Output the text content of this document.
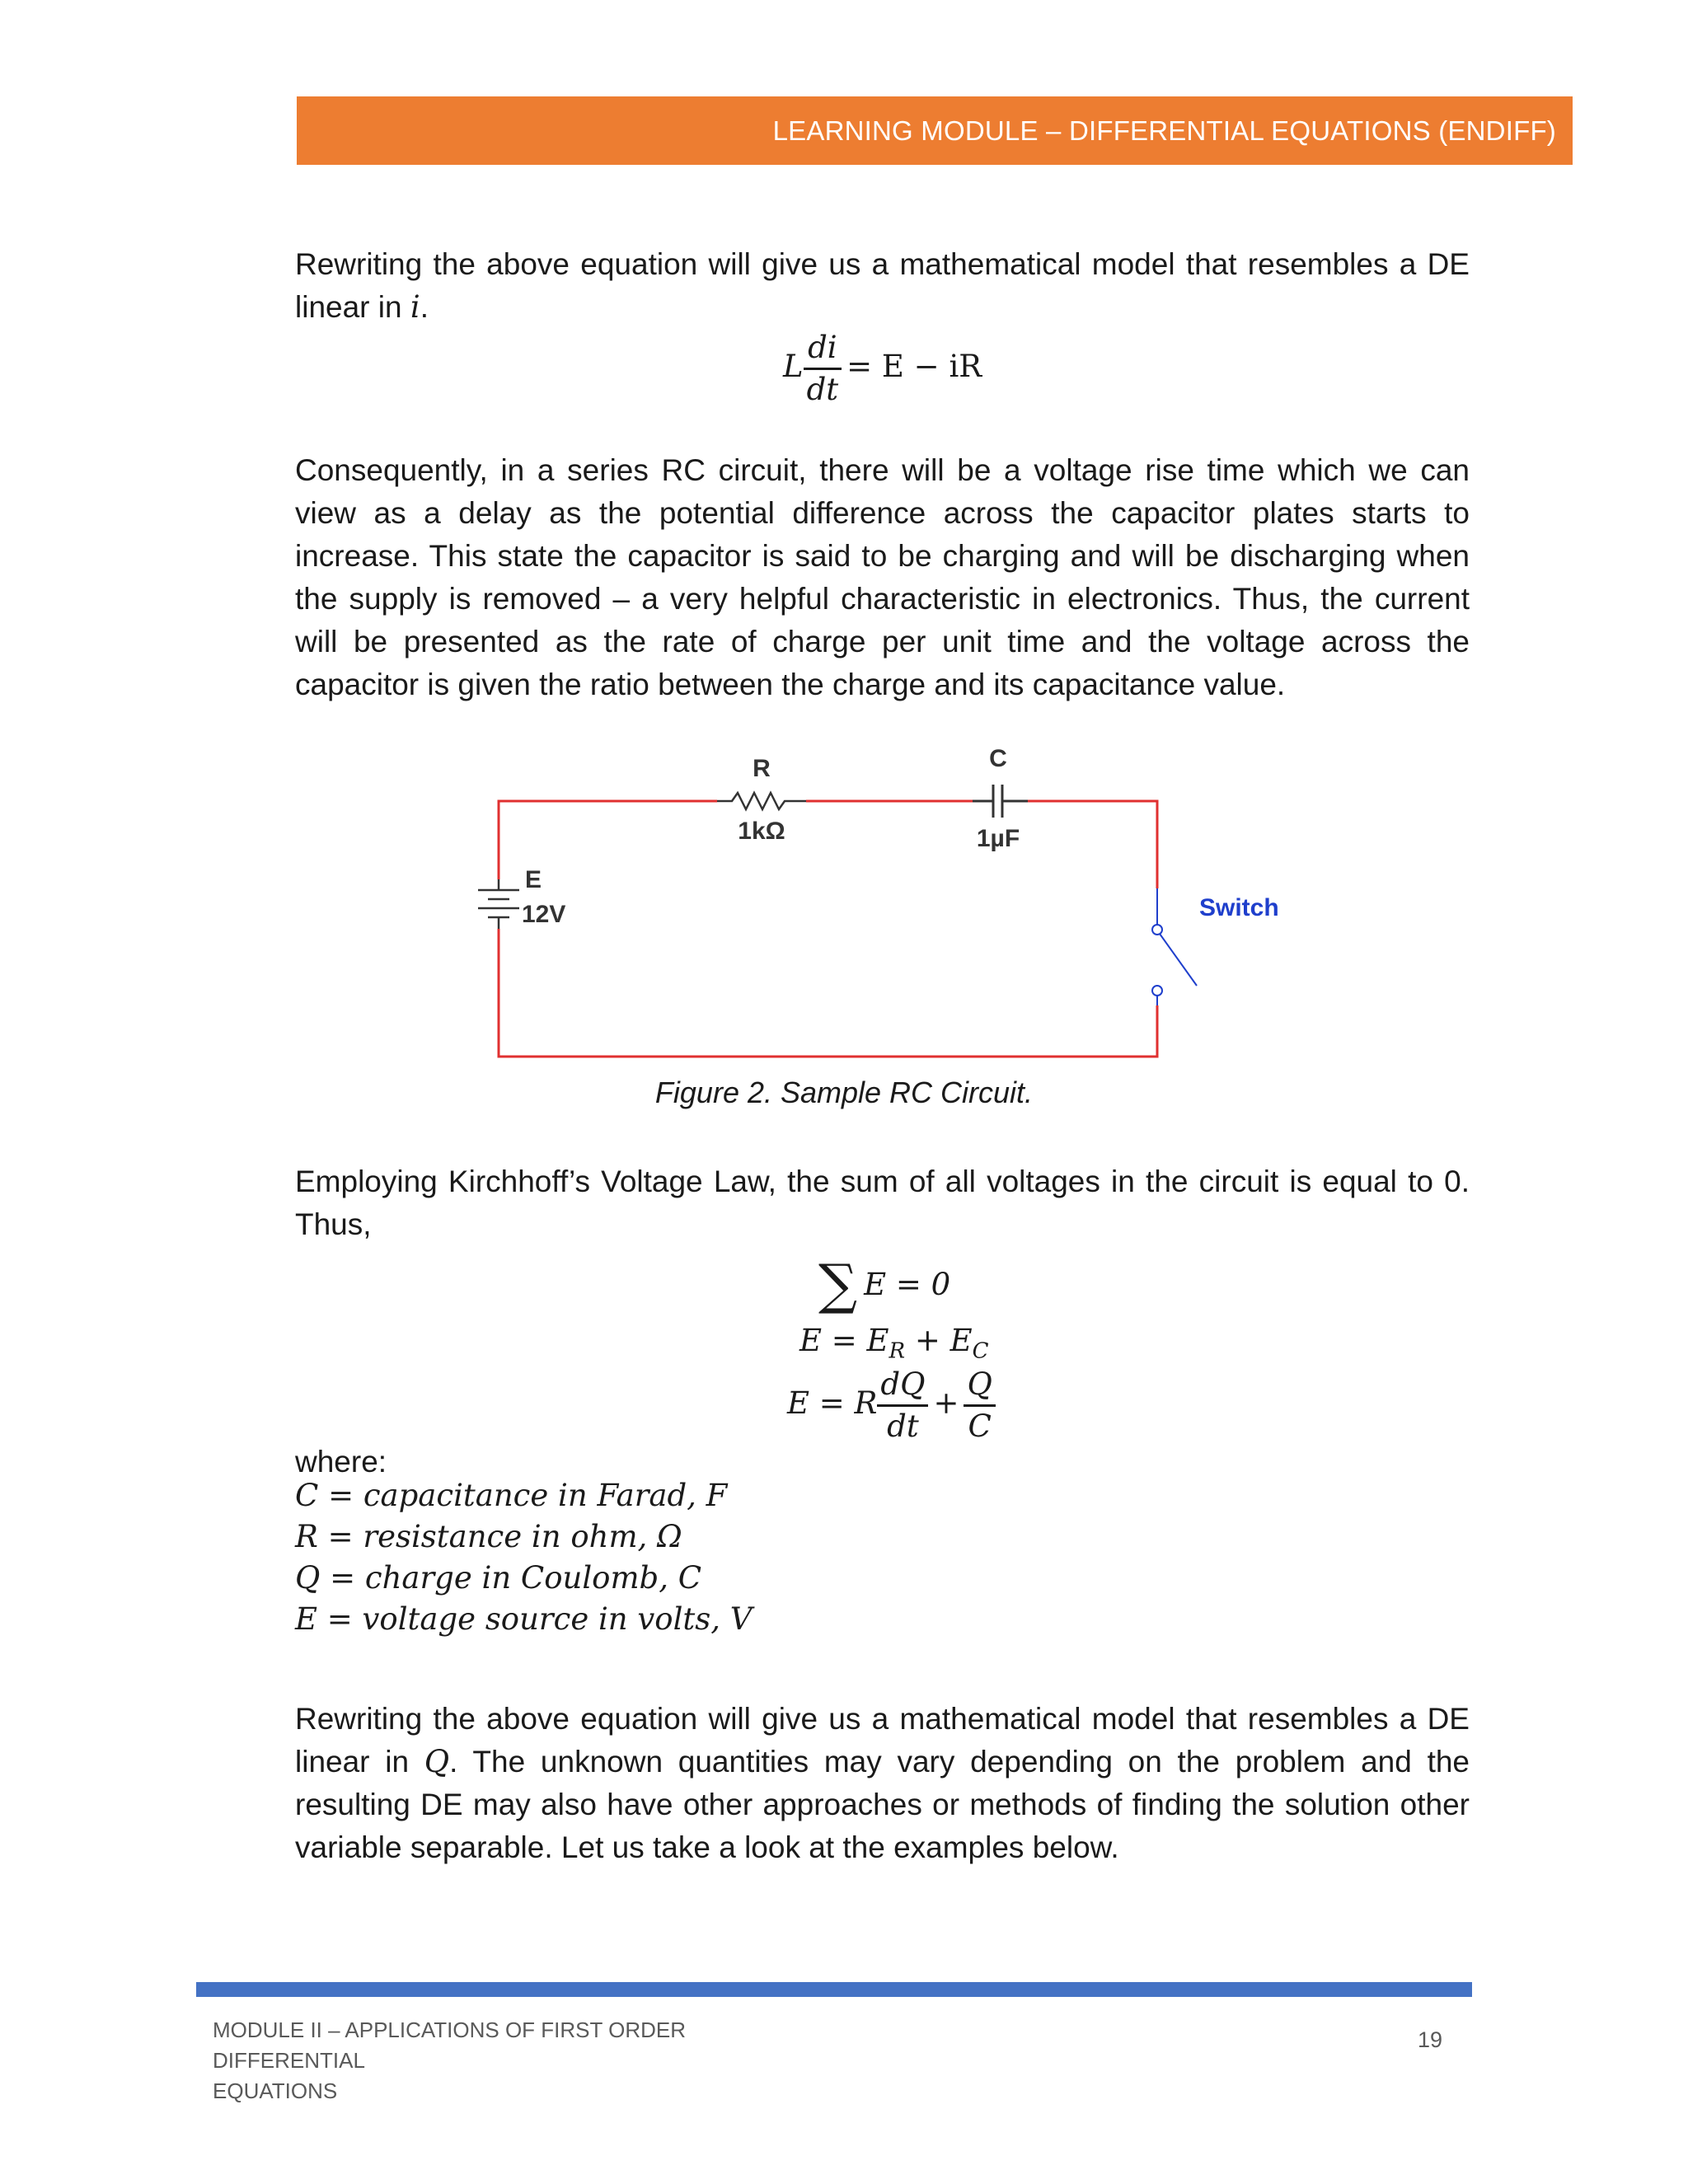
LEARNING MODULE – DIFFERENTIAL EQUATIONS (ENDIFF)

Rewriting the above equation will give us a mathematical model that resembles a DE linear in i.

L $\frac{di}{dt} = E$ − iR

Consequently, in a series RC circuit, there will be a voltage rise time which we can view as a delay as the potential difference across the capacitor plates starts to increase. This state the capacitor is said to be charging and will be discharging when the supply is removed – a very helpful characteristic in electronics. Thus, the current will be presented as the rate of charge per unit time and the voltage across the capacitor is given the ratio between the charge and its capacitance value.

R
1kΩ
C
1µF
E
12V	Switch
Figure 2. Sample RC Circuit.

Employing Kirchhoff’s Voltage Law, the sum of all voltages in the circuit is equal to 0. Thus,

∑ E = 0
$E = E_R + E_C$
E = R $\frac{dQ}{dt} + \frac{Q}{C}$

where:

C = capacitance in Farad, F
R = resistance in ohm, Ω
Q = charge in Coulomb, C
E = voltage source in volts, V

Rewriting the above equation will give us a mathematical model that resembles a DE linear in Q. The unknown quantities may vary depending on the problem and the resulting DE may also have other approaches or methods of finding the solution other variable separable. Let us take a look at the examples below.

MODULE II – APPLICATIONS OF FIRST ORDER DIFFERENTIAL
EQUATIONS
19
